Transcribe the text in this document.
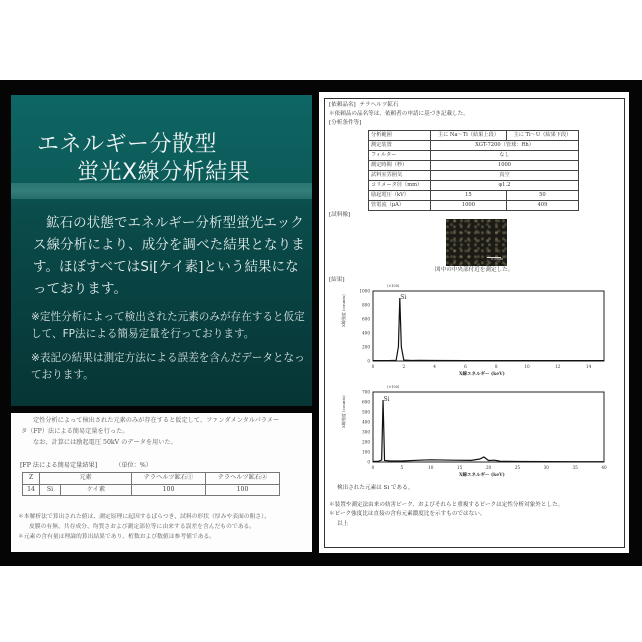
エネルギー分散型
蛍光X線分析結果
鉱石の状態でエネルギー分析型蛍光エックス線分析により、成分を調べた結果となります。ほぼすべてはSi[ケイ素]という結果になっております。
※定性分析によって検出された元素のみが存在すると仮定して、FP法による簡易定量を行っております。
※表記の結果は測定方法による誤差を含んだデータとなっております。
定性分析によって検出された元素のみが存在すると仮定して、ファンダメンタルパラメー
タ（FP）法による簡易定量を行った。
なお、計算には励起電圧 50kV のデータを用いた。
[FP 法による簡易定量結果]	（単位：%）
Z	元素		テラヘルツ鉱石①	テラヘルツ鉱石②
14	Si	ケイ素	100	100
＊本解析法で算出された値は、測定原理に起因するばらつき、試料の形状（厚みや表面の粗さ）、
皮膜の有無、共存成分、均質さおよび測定部位等に由来する誤差を含んだものである。
＊元素の含有量は理論的算出結果であり、桁数および数値は参考値である。
[依頼品名] テラヘルツ鉱石
＊依頼品の品名等は、依頼者の申請に基づき記載した。
[分析条件等]
分析範囲	主に Na～Ti（結果上段）	主に Ti～U（結果下段）
測定装置	XGT-7200（管球：Rh）	
フィルター	なし	
測定時間（秒）	1000	
試料室雰囲気	真空	
コリメータ径（mm）	φ1.2	
励起電圧（kV）	15	50
管電流（μA）	1000	409
[試料像]
0.5mm
図中の中央部付近を測定した。
[結果]
(×100)
X線強度 (counts)
0
200
400
600
800
1000
0	2	4	6	8	10	12	14
Si
X線エネルギー (keV)
(×100)
X線強度 (counts)
0
100
200
300
400
500
600
700
0	5	10	15	20	25	30	35	40
Si
X線エネルギー (keV)
検出された元素は Si である。
＊装置や測定法由来の妨害ピーク、およびそれらと重複するピークは定性分析対象外とした。
＊ピーク強度比は直接の含有元素濃度比を示すものではない。
以上
